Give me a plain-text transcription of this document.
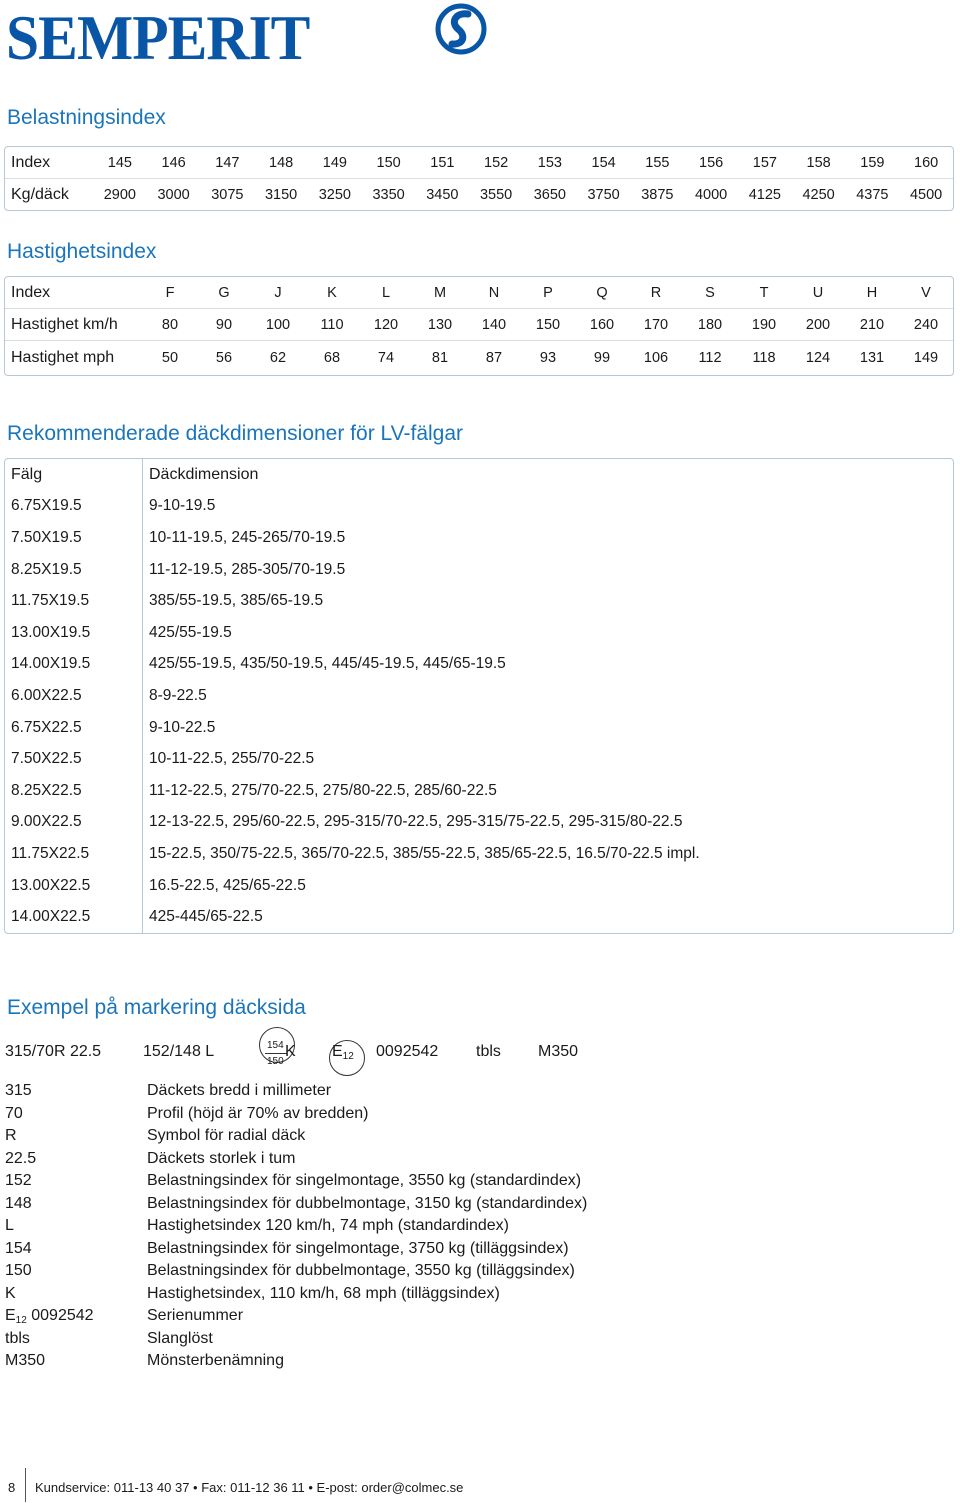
SEMPERIT
Belastningsindex
Index	145	146	147	148	149	150	151	152	153	154	155	156	157	158	159	160
Kg/däck	2900	3000	3075	3150	3250	3350	3450	3550	3650	3750	3875	4000	4125	4250	4375	4500
Hastighetsindex
Index	F	G	J	K	L	M	N	P	Q	R	S	T	U	H	V
Hastighet km/h	80	90	100	110	120	130	140	150	160	170	180	190	200	210	240
Hastighet mph	50	56	62	68	74	81	87	93	99	106	112	118	124	131	149
Rekommenderade däckdimensioner för LV-fälgar
Fälg	Däckdimension
6.75X19.5	9-10-19.5
7.50X19.5	10-11-19.5, 245-265/70-19.5
8.25X19.5	11-12-19.5, 285-305/70-19.5
11.75X19.5	385/55-19.5, 385/65-19.5
13.00X19.5	425/55-19.5
14.00X19.5	425/55-19.5, 435/50-19.5, 445/45-19.5, 445/65-19.5
6.00X22.5	8-9-22.5
6.75X22.5	9-10-22.5
7.50X22.5	10-11-22.5, 255/70-22.5
8.25X22.5	11-12-22.5, 275/70-22.5, 275/80-22.5, 285/60-22.5
9.00X22.5	12-13-22.5, 295/60-22.5, 295-315/70-22.5, 295-315/75-22.5, 295-315/80-22.5
11.75X22.5	15-22.5, 350/75-22.5, 365/70-22.5, 385/55-22.5, 385/65-22.5, 16.5/70-22.5 impl.
13.00X22.5	16.5-22.5, 425/65-22.5
14.00X22.5	425-445/65-22.5
Exempel på markering däcksida
315/70R 22.5	152/148 L	154
150
K $E_{12}$ 0092542 tbls M350
315	Däckets bredd i millimeter
70	Profil (höjd är 70% av bredden)
R	Symbol för radial däck
22.5	Däckets storlek i tum
152	Belastningsindex för singelmontage, 3550 kg (standardindex)
148	Belastningsindex för dubbelmontage, 3150 kg (standardindex)
L	Hastighetsindex 120 km/h, 74 mph (standardindex)
154	Belastningsindex för singelmontage, 3750 kg (tilläggsindex)
150	Belastningsindex för dubbelmontage, 3550 kg (tilläggsindex)
K	Hastighetsindex, 110 km/h, 68 mph (tilläggsindex)
$E_{12}$ 0092542	Serienummer
tbls	Slanglöst
M350	Mönsterbenämning
8 Kundservice: 011-13 40 37 • Fax: 011-12 36 11 • E-post: order@colmec.se
